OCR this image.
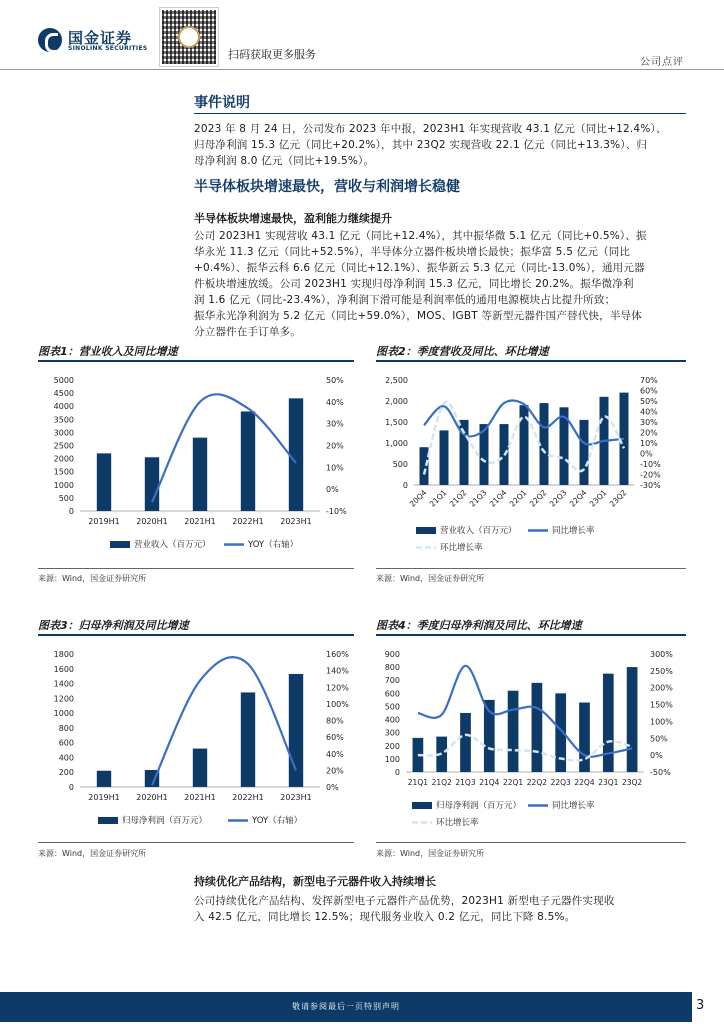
国金证券
SINOLINK SECURITIES	扫码获取更多服务
公司点评
事件说明
2023 年 8 月 24 日，公司发布 2023 年中报，2023H1 年实现营收 43.1 亿元（同比+12.4%）、
归母净利润 15.3 亿元（同比+20.2%），其中 23Q2 实现营收 22.1 亿元（同比+13.3%）、归
母净利润 8.0 亿元（同比+19.5%）。
半导体板块增速最快，营收与利润增长稳健
半导体板块增速最快，盈利能力继续提升
公司 2023H1 实现营收 43.1 亿元（同比+12.4%），其中振华微 5.1 亿元（同比+0.5%）、振
华永光 11.3 亿元（同比+52.5%），半导体分立器件板块增长最快；振华富 5.5 亿元（同比
+0.4%）、振华云科 6.6 亿元（同比+12.1%）、振华新云 5.3 亿元（同比-13.0%），通用元器
件板块增速放缓。公司 2023H1 实现归母净利润 15.3 亿元，同比增长 20.2%。振华微净利
润 1.6 亿元（同比-23.4%），净利润下滑可能是利润率低的通用电源模块占比提升所致；
振华永光净利润为 5.2 亿元（同比+59.0%），MOS、IGBT 等新型元器件国产替代快，半导体
分立器件在手订单多。
图表1：营业收入及同比增速	图表2：季度营收及同比、环比增速
0
500
1000
1500
2000
2500
3000
3500
4000
4500
5000
-10%
0%
10%
20%
30%
40%
50%
2019H1 2020H1 2021H1 2022H1 2023H1
营业收入（百万元）	YOY（右轴）
0
500
1,000
1,500
2,000
2,500
-30%
-20%
-10%
0%
10%
20%
30%
40%
50%
60%
70%
20Q4 21Q1 21Q2 21Q3 21Q4 22Q1 22Q2 22Q3 22Q4 23Q1 23Q2
营业收入（百万元）	同比增长率
环比增长率
来源：Wind，国金证券研究所	来源：Wind，国金证券研究所
图表3：归母净利润及同比增速	图表4：季度归母净利润及同比、环比增速
0
200
400
600
800
1000
1200
1400
1600
1800
0%
20%
40%
60%
80%
100%
120%
140%
160%
2019H1 2020H1 2021H1 2022H1 2023H1
归母净利润（百万元）	YOY（右轴）
0
100
200
300
400
500
600
700
800
900
-50%
0%
50%
100%
150%
200%
250%
300%
21Q1 21Q2 21Q3 21Q4 22Q1 22Q2 22Q3 22Q4 23Q1 23Q2
归母净利润（百万元）	同比增长率
环比增长率
来源：Wind，国金证券研究所	来源：Wind，国金证券研究所
持续优化产品结构，新型电子元器件收入持续增长
公司持续优化产品结构、发挥新型电子元器件产品优势，2023H1 新型电子元器件实现收
入 42.5 亿元，同比增长 12.5%；现代服务业收入 0.2 亿元，同比下降 8.5%。
敬请参阅最后一页特别声明	3
